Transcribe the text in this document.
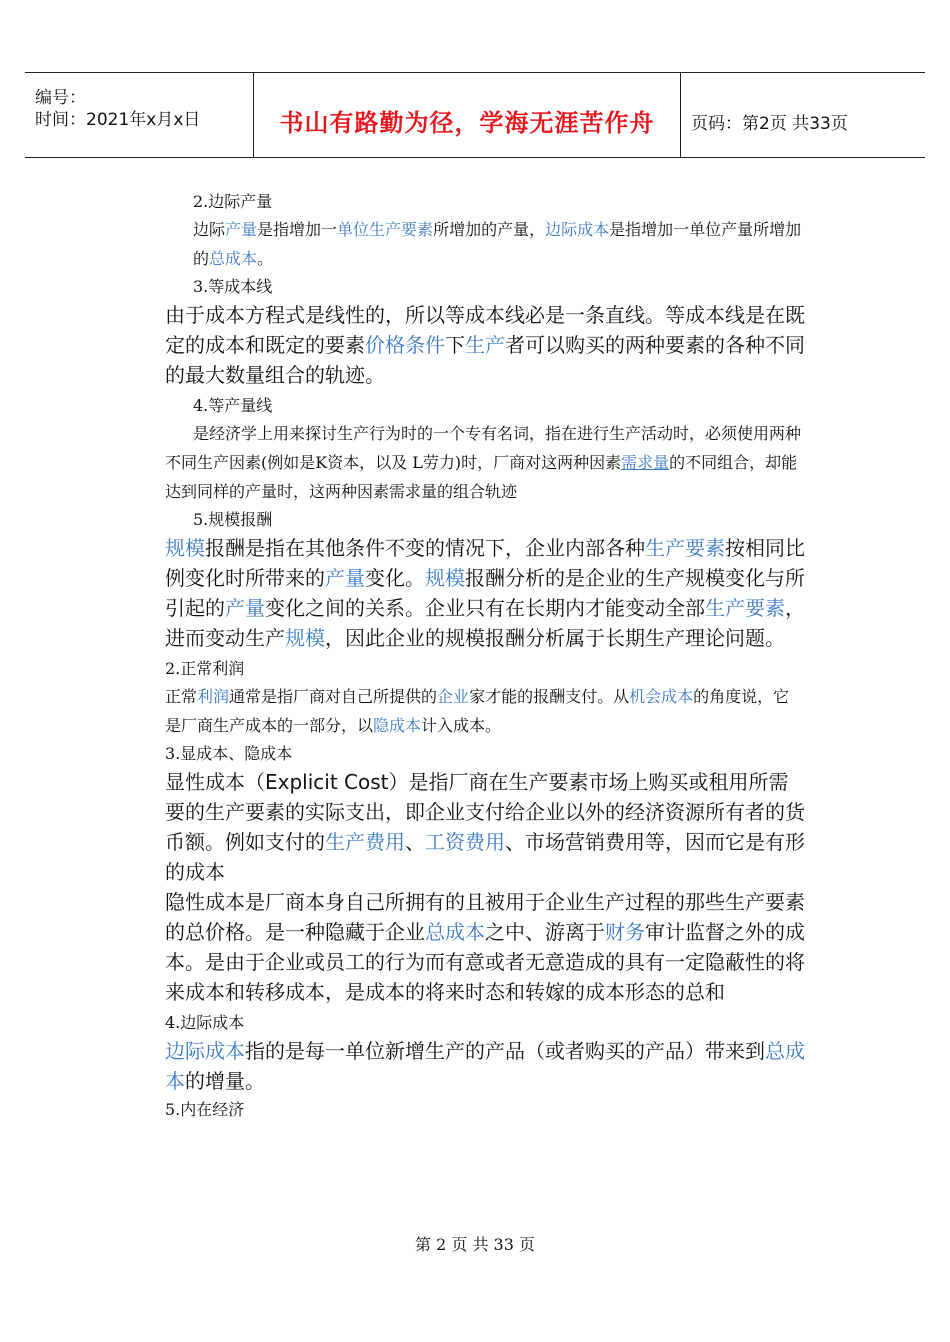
编号：
时间：2021年x月x日	书山有路勤为径，学海无涯苦作舟	页码：第2页 共33页

2.边际产量

边际产量是指增加一单位生产要素所增加的产量，边际成本是指增加一单位产量所增加的总成本。

3.等成本线

由于成本方程式是线性的，所以等成本线必是一条直线。等成本线是在既定的成本和既定的要素价格条件下生产者可以购买的两种要素的各种不同的最大数量组合的轨迹。

4.等产量线

是经济学上用来探讨生产行为时的一个专有名词，指在进行生产活动时，必须使用两种不同生产因素(例如是K资本，以及 L劳力)时，厂商对这两种因素需求量的不同组合，却能达到同样的产量时，这两种因素需求量的组合轨迹

5.规模报酬

规模报酬是指在其他条件不变的情况下，企业内部各种生产要素按相同比例变化时所带来的产量变化。规模报酬分析的是企业的生产规模变化与所引起的产量变化之间的关系。企业只有在长期内才能变动全部生产要素，进而变动生产规模，因此企业的规模报酬分析属于长期生产理论问题。

2.正常利润

正常利润通常是指厂商对自己所提供的企业家才能的报酬支付。从机会成本的角度说，它是厂商生产成本的一部分，以隐成本计入成本。

3.显成本、隐成本

显性成本（Explicit Cost）是指厂商在生产要素市场上购买或租用所需要的生产要素的实际支出，即企业支付给企业以外的经济资源所有者的货币额。例如支付的生产费用、工资费用、市场营销费用等，因而它是有形的成本

隐性成本是厂商本身自己所拥有的且被用于企业生产过程的那些生产要素的总价格。是一种隐藏于企业总成本之中、游离于财务审计监督之外的成本。是由于企业或员工的行为而有意或者无意造成的具有一定隐蔽性的将来成本和转移成本，是成本的将来时态和转嫁的成本形态的总和

4.边际成本

边际成本指的是每一单位新增生产的产品（或者购买的产品）带来到总成本的增量。

5.内在经济

第 2 页 共 33 页
